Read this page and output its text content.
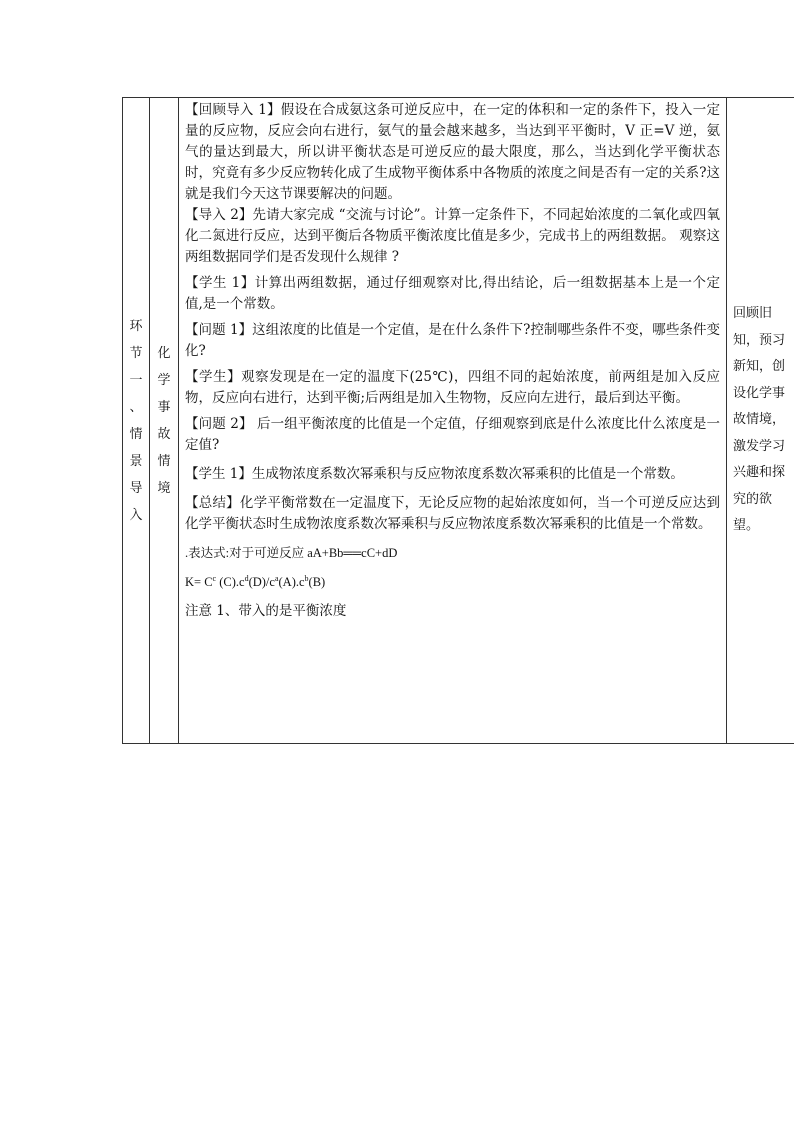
环
节
一
、
情
景
导
入

化
学
事
故
情
境

【回顾导入 1】假设在合成氨这条可逆反应中，在一定的体积和一定的条件下，投入一定量的反应物，反应会向右进行，氨气的量会越来越多，当达到平平衡时，V 正=V 逆，氨气的量达到最大，所以讲平衡状态是可逆反应的最大限度，那么，当达到化学平衡状态时，究竟有多少反应物转化成了生成物平衡体系中各物质的浓度之间是否有一定的关系?这就是我们今天这节课要解决的问题。

【导入 2】先请大家完成 “交流与讨论”。计算一定条件下，不同起始浓度的二氧化或四氧化二氮进行反应，达到平衡后各物质平衡浓度比值是多少，完成书上的两组数据。 观察这两组数据同学们是否发现什么规律 ?

【学生 1】计算出两组数据，通过仔细观察对比,得出结论，后一组数据基本上是一个定 值,是一个常数。

【问题 1】这组浓度的比值是一个定值，是在什么条件下?控制哪些条件不变，哪些条件变化?

【学生】观察发现是在一定的温度下(25℃)，四组不同的起始浓度，前两组是加入反应物，反应向右进行，达到平衡;后两组是加入生物物，反应向左进行，最后到达平衡。

【问题 2】 后一组平衡浓度的比值是一个定值，仔细观察到底是什么浓度比什么浓度是一定值?

【学生 1】生成物浓度系数次幂乘积与反应物浓度系数次幂乘积的比值是一个常数。

【总结】化学平衡常数在一定温度下，无论反应物的起始浓度如何，当一个可逆反应达到化学平衡状态时生成物浓度系数次幂乘积与反应物浓度系数次幂乘积的比值是一个常数。

.表达式:对于可逆反应 aA+Bb══cC+dD

$K= C^c$ $(C).c^d(D)/c^a(A).c^b(B)$

注意 1、带入的是平衡浓度

回顾旧知，预习新知，创设化学事故情境，激发学习兴趣和探究的欲望。
